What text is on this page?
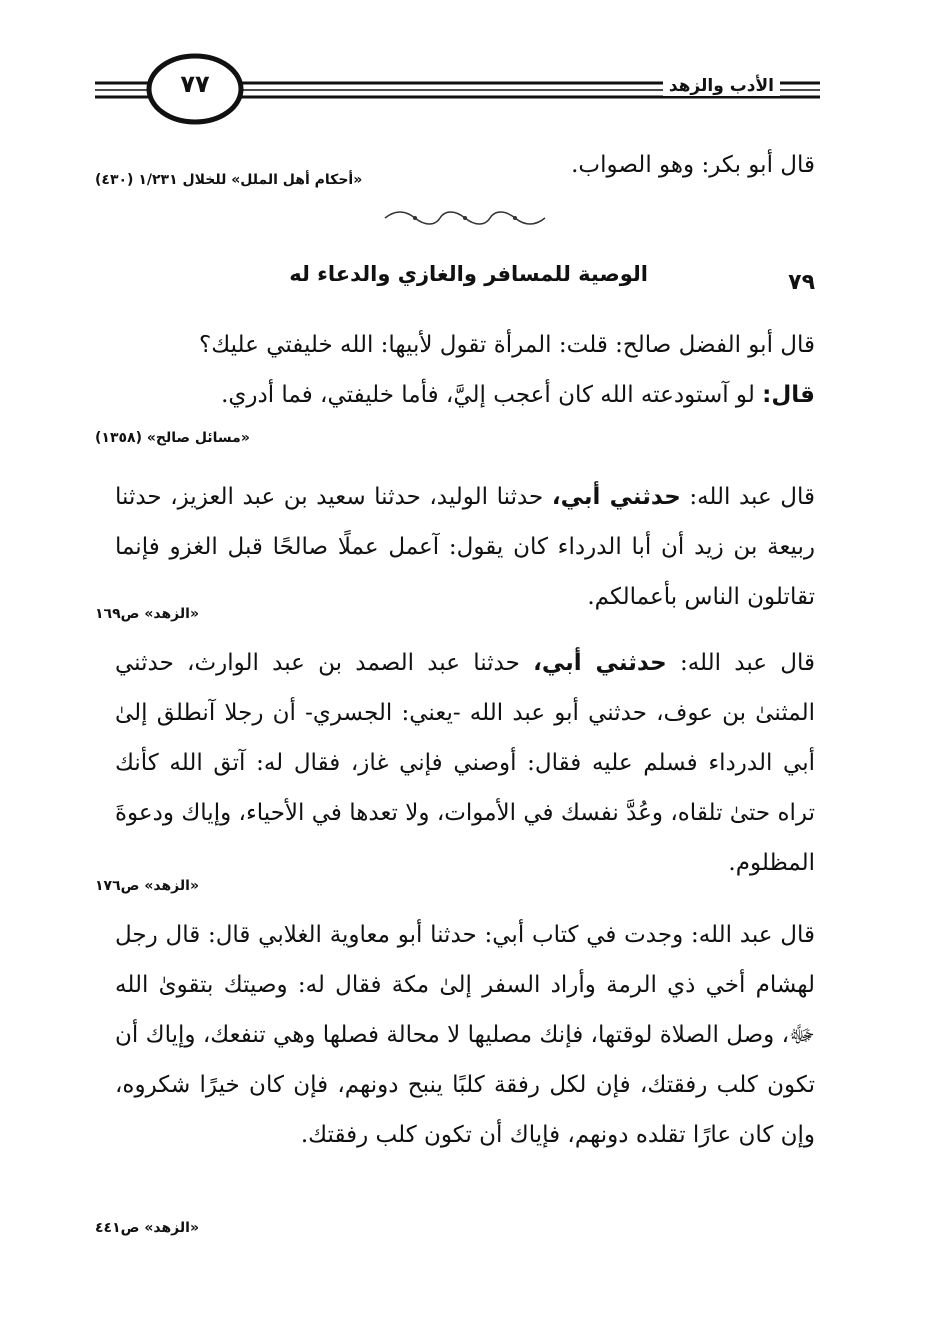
الأدب والزهد
٧٧
قال أبو بكر: وهو الصواب.
«أحكام أهل الملل» للخلال ١/٢٣١ (٤٣٠)
٧٩
الوصية للمسافر والغازي والدعاء له
قال أبو الفضل صالح: قلت: المرأة تقول لأبيها: الله خليفتي عليك؟
قال: لو آستودعته الله كان أعجب إليَّ، فأما خليفتي، فما أدري.
«مسائل صالح» (١٣٥٨)
قال عبد الله: حدثني أبي، حدثنا الوليد، حدثنا سعيد بن عبد العزيز، حدثنا ربيعة بن زيد أن أبا الدرداء كان يقول: آعمل عملًا صالحًا قبل الغزو فإنما تقاتلون الناس بأعمالكم.
«الزهد» ص١٦٩
قال عبد الله: حدثني أبي، حدثنا عبد الصمد بن عبد الوارث، حدثني المثنىٰ بن عوف، حدثني أبو عبد الله -يعني: الجسري- أن رجلا آنطلق إلىٰ أبي الدرداء فسلم عليه فقال: أوصني فإني غاز، فقال له: آتق الله كأنك تراه حتىٰ تلقاه، وعُدَّ نفسك في الأموات، ولا تعدها في الأحياء، وإياك ودعوةَ المظلوم.
«الزهد» ص١٧٦
قال عبد الله: وجدت في كتاب أبي: حدثنا أبو معاوية الغلابي قال: قال رجل لهشام أخي ذي الرمة وأراد السفر إلىٰ مكة فقال له: وصيتك بتقوىٰ الله ﷻ، وصل الصلاة لوقتها، فإنك مصليها لا محالة فصلها وهي تنفعك، وإياك أن تكون كلب رفقتك، فإن لكل رفقة كلبًا ينبح دونهم، فإن كان خيرًا شكروه، وإن كان عارًا تقلده دونهم، فإياك أن تكون كلب رفقتك.
«الزهد» ص٤٤١
